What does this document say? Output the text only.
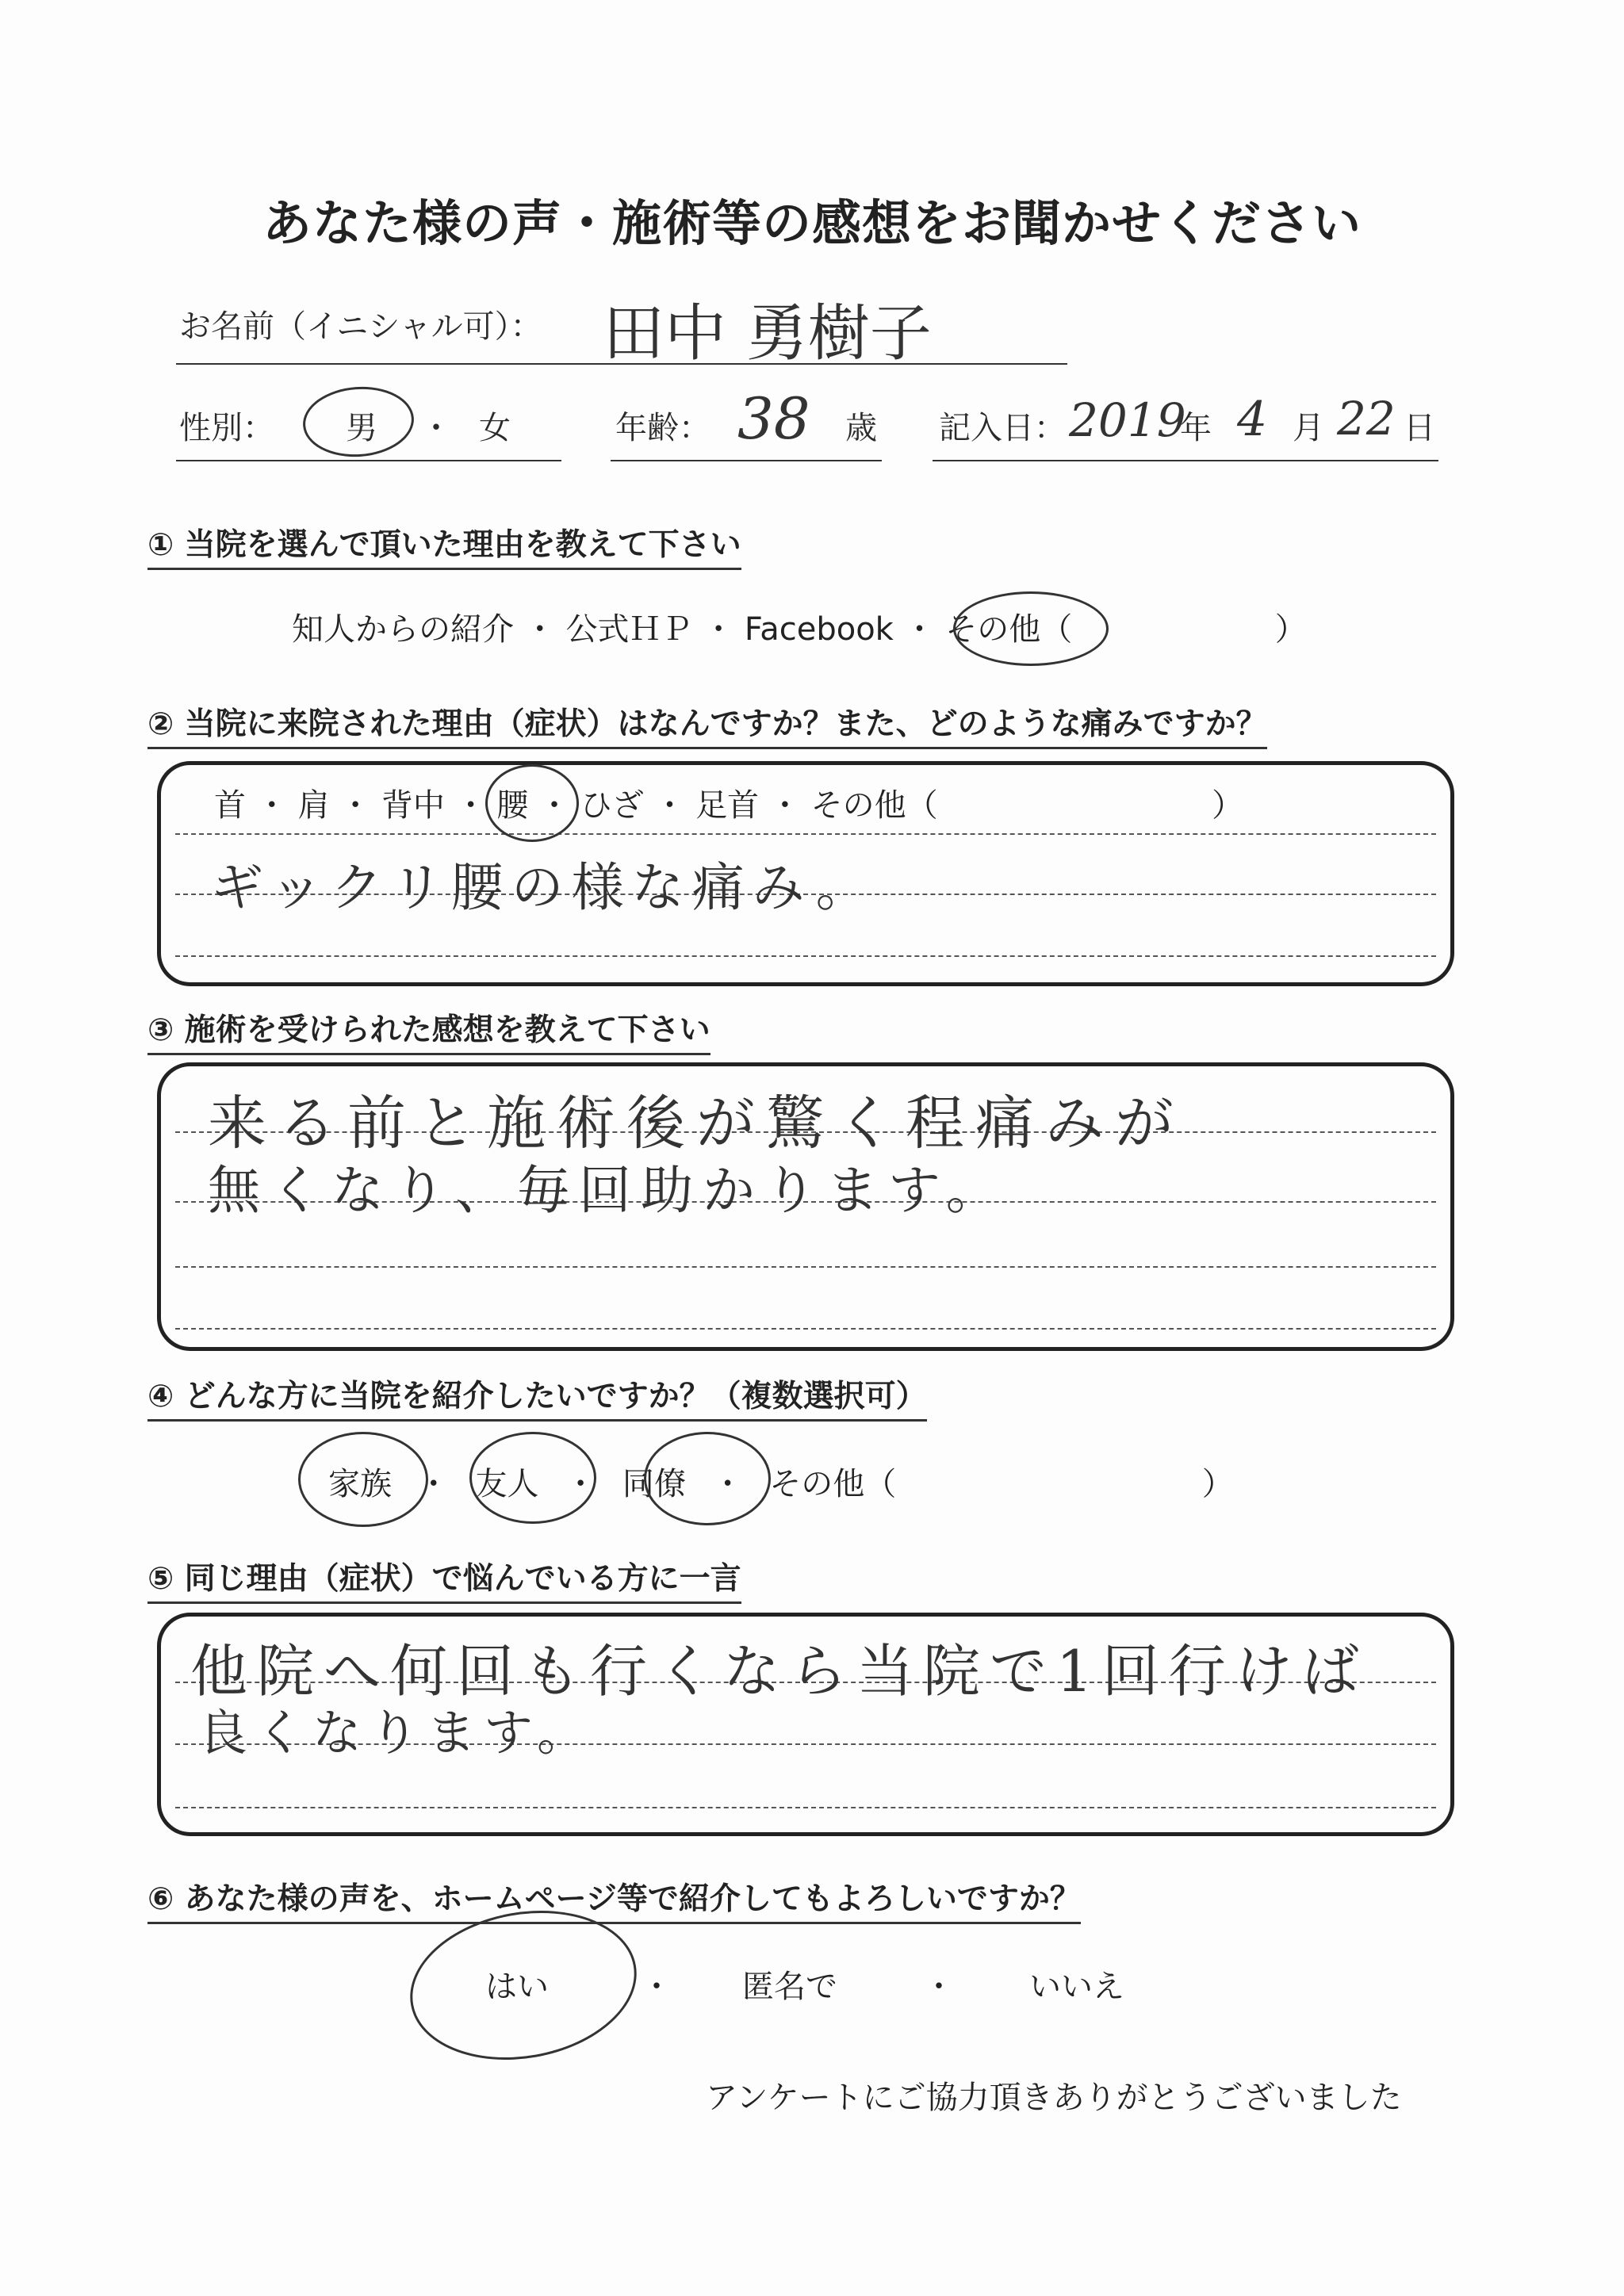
あなた様の声・施術等の感想をお聞かせください
お名前（イニシャル可）： 田中 勇樹子
性別： 男 ・ 女	年齢： 38 歳 記入日： 2019
年 4 月 22 日
① 当院を選んで頂いた理由を教えて下さい
知人からの紹介 ・ 公式ＨＰ ・ Facebook ・ その他（	）
② 当院に来院された理由（症状）はなんですか？また、どのような痛みですか？
首 ・ 肩 ・ 背中 ・ 腰 ・ ひざ ・ 足首 ・ その他（	）
ギックリ腰の様な痛み。
③ 施術を受けられた感想を教えて下さい
来る前と施術後が驚く程痛みが
無くなり、毎回助かります。
④ どんな方に当院を紹介したいですか？（複数選択可）
家族 ・ 友人 ・ 同僚 ・ その他（	）
⑤ 同じ理由（症状）で悩んでいる方に一言
他院へ何回も行くなら当院で1回行けば
良くなります。
⑥ あなた様の声を、ホームページ等で紹介してもよろしいですか？
はい	・ 匿名で	・ いいえ
アンケートにご協力頂きありがとうございました
